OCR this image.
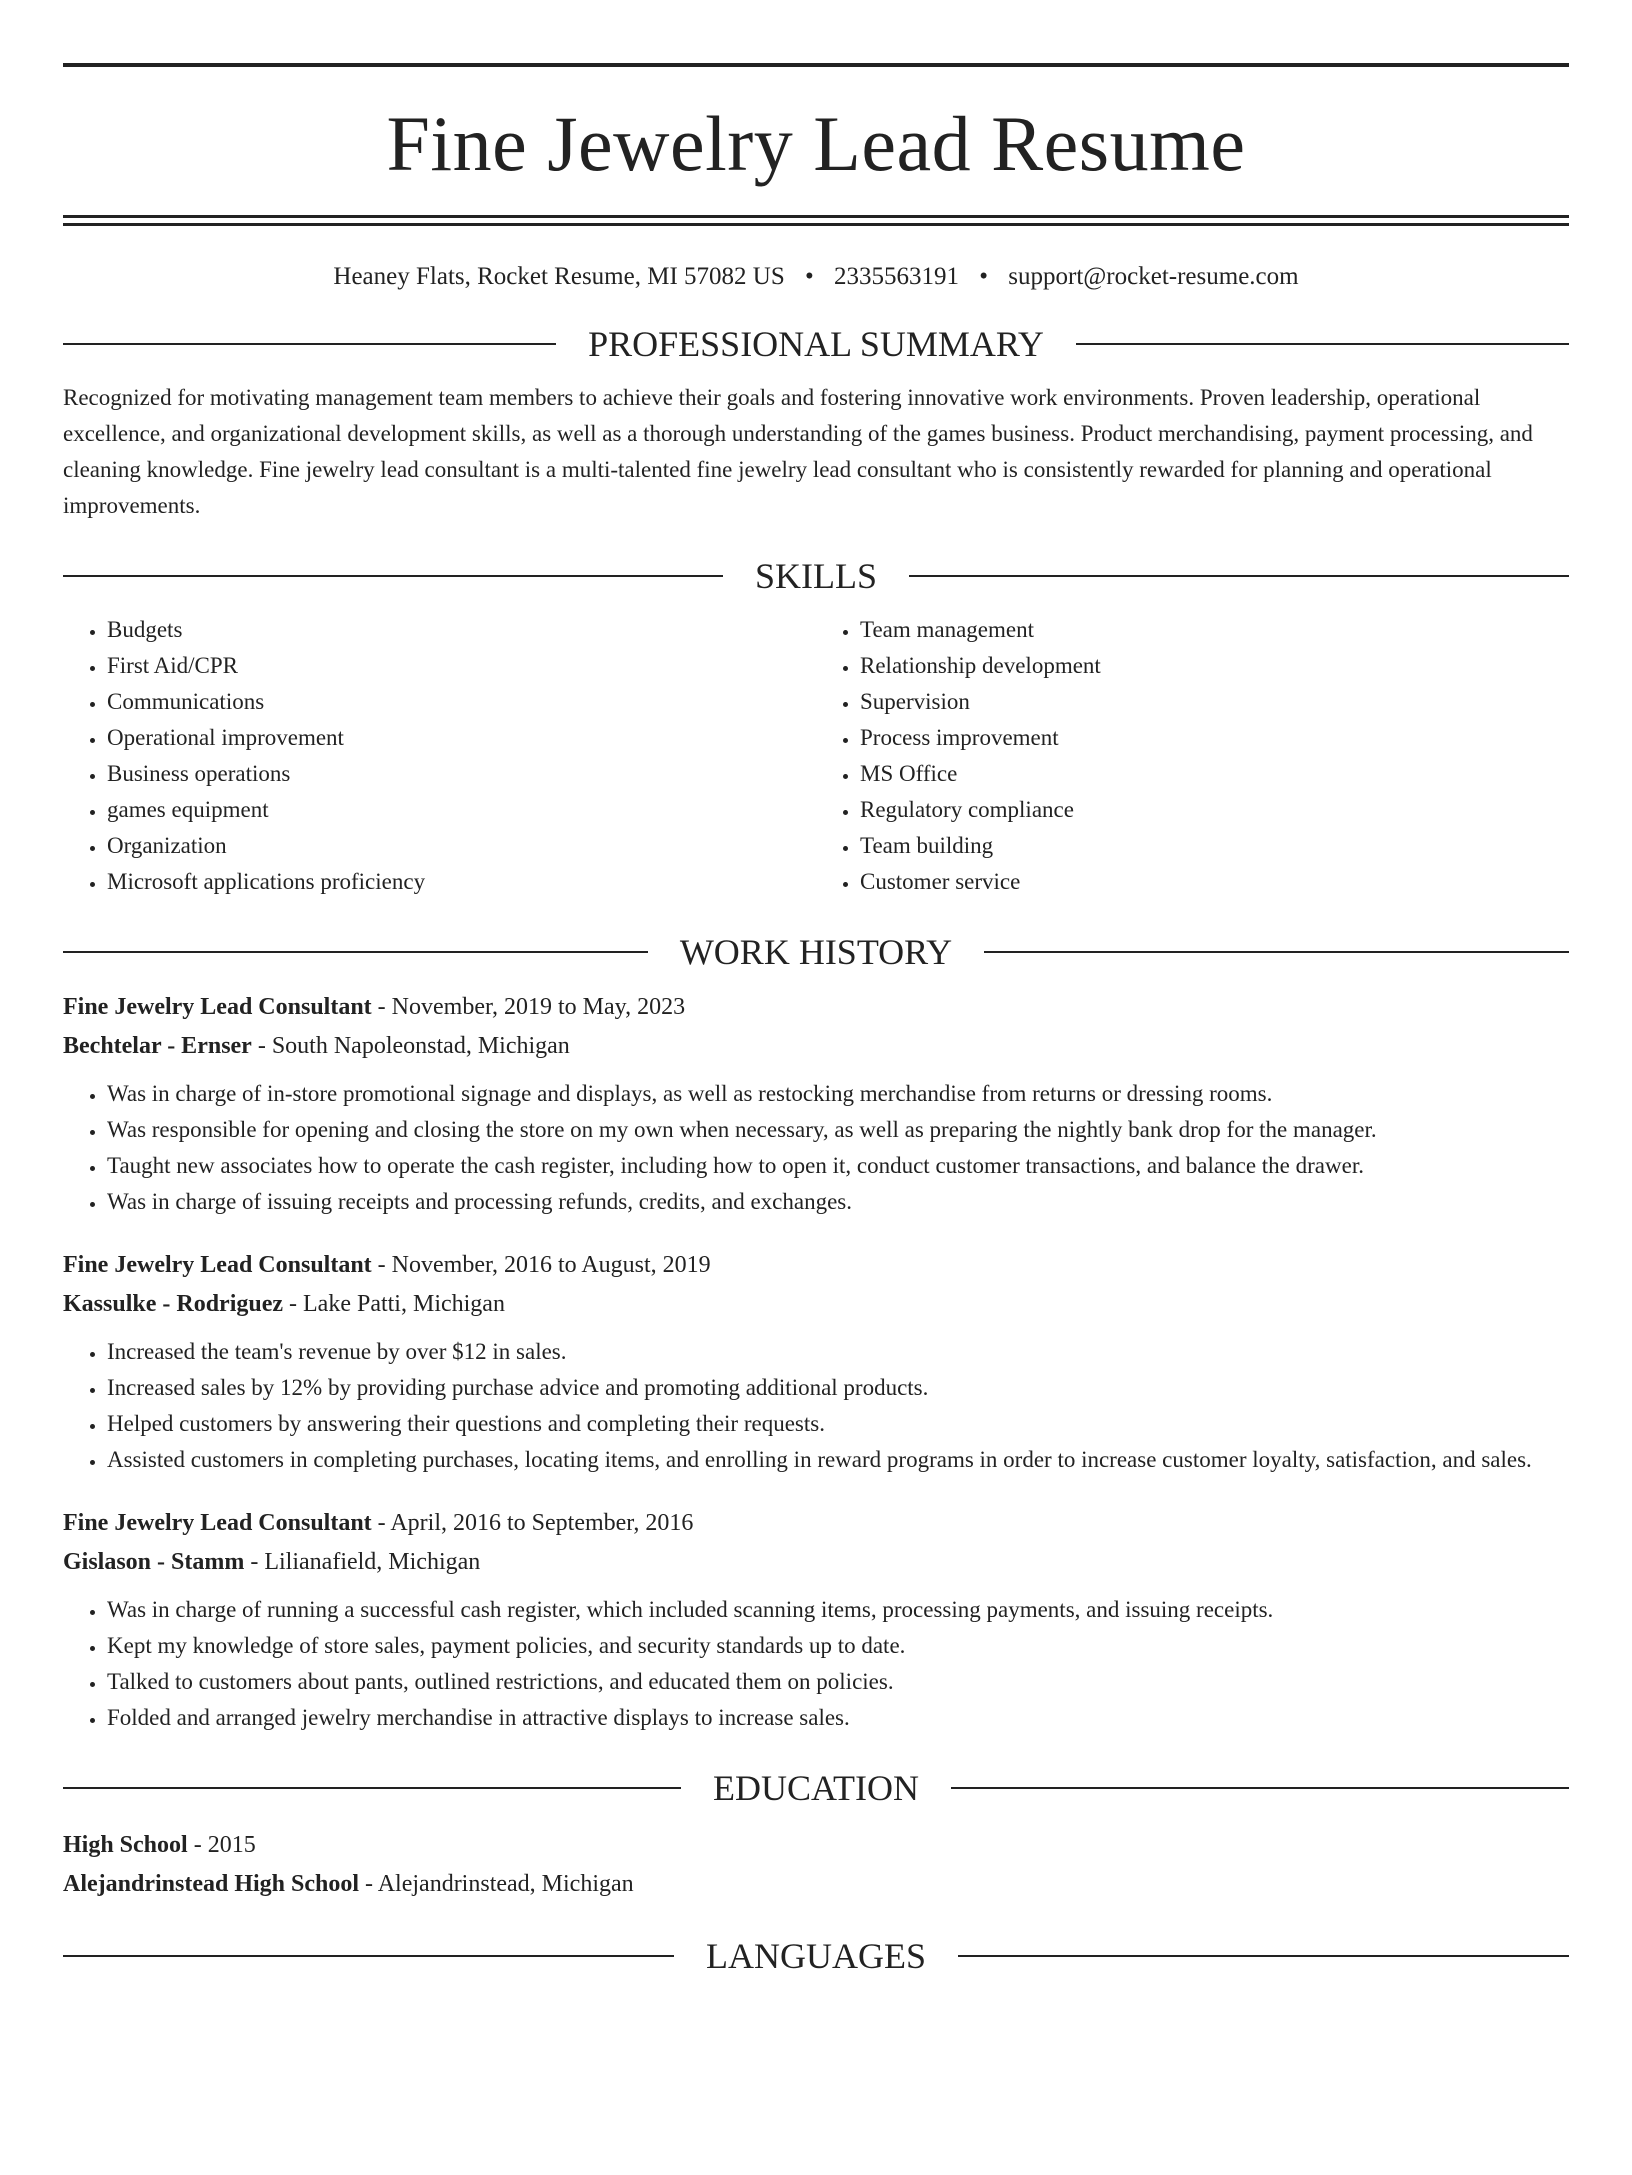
Fine Jewelry Lead Resume
Heaney Flats, Rocket Resume, MI 57082 US • 2335563191 • support@rocket-resume.com
PROFESSIONAL SUMMARY
Recognized for motivating management team members to achieve their goals and fostering innovative work environments. Proven leadership, operational excellence, and organizational development skills, as well as a thorough understanding of the games business. Product merchandising, payment processing, and cleaning knowledge. Fine jewelry lead consultant is a multi-talented fine jewelry lead consultant who is consistently rewarded for planning and operational improvements.
SKILLS
• Budgets
• First Aid/CPR
• Communications
• Operational improvement
• Business operations
• games equipment
• Organization
• Microsoft applications proficiency
• Team management
• Relationship development
• Supervision
• Process improvement
• MS Office
• Regulatory compliance
• Team building
• Customer service
WORK HISTORY
Fine Jewelry Lead Consultant - November, 2019 to May, 2023
Bechtelar - Ernser - South Napoleonstad, Michigan
• Was in charge of in-store promotional signage and displays, as well as restocking merchandise from returns or dressing rooms.
• Was responsible for opening and closing the store on my own when necessary, as well as preparing the nightly bank drop for the manager.
• Taught new associates how to operate the cash register, including how to open it, conduct customer transactions, and balance the drawer.
• Was in charge of issuing receipts and processing refunds, credits, and exchanges.
Fine Jewelry Lead Consultant - November, 2016 to August, 2019
Kassulke - Rodriguez - Lake Patti, Michigan
• Increased the team's revenue by over $12 in sales.
• Increased sales by 12% by providing purchase advice and promoting additional products.
• Helped customers by answering their questions and completing their requests.
• Assisted customers in completing purchases, locating items, and enrolling in reward programs in order to increase customer loyalty, satisfaction, and sales.
Fine Jewelry Lead Consultant - April, 2016 to September, 2016
Gislason - Stamm - Lilianafield, Michigan
• Was in charge of running a successful cash register, which included scanning items, processing payments, and issuing receipts.
• Kept my knowledge of store sales, payment policies, and security standards up to date.
• Talked to customers about pants, outlined restrictions, and educated them on policies.
• Folded and arranged jewelry merchandise in attractive displays to increase sales.
EDUCATION
High School - 2015
Alejandrinstead High School - Alejandrinstead, Michigan
LANGUAGES
